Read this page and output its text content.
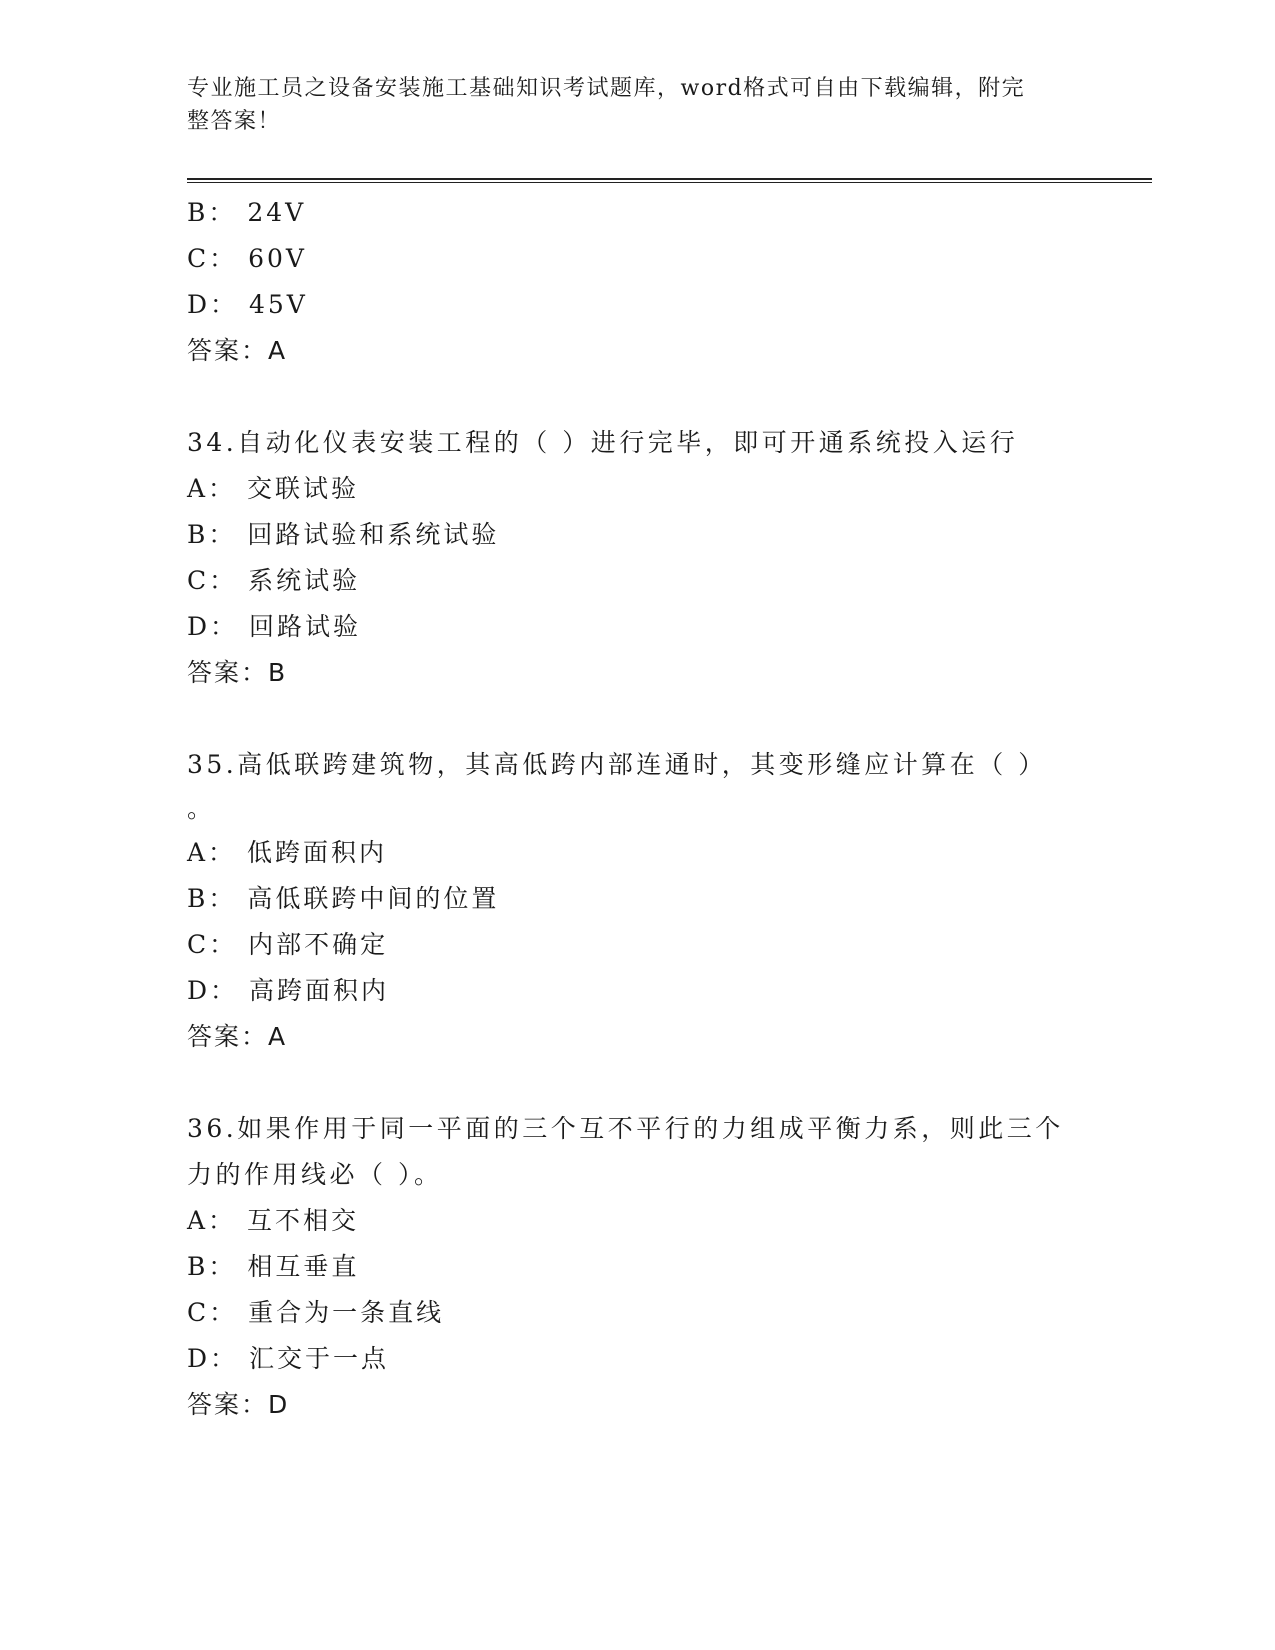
专业施工员之设备安装施工基础知识考试题库，word格式可自由下载编辑，附完
整答案！
B： 24V
C： 60V
D： 45V
答案：A
34.自动化仪表安装工程的（ ）进行完毕，即可开通系统投入运行
A： 交联试验
B： 回路试验和系统试验
C： 系统试验
D： 回路试验
答案：B
35.高低联跨建筑物，其高低跨内部连通时，其变形缝应计算在（ ）
。
A： 低跨面积内
B： 高低联跨中间的位置
C： 内部不确定
D： 高跨面积内
答案：A
36.如果作用于同一平面的三个互不平行的力组成平衡力系，则此三个
力的作用线必（ ）。
A： 互不相交
B： 相互垂直
C： 重合为一条直线
D： 汇交于一点
答案：D
